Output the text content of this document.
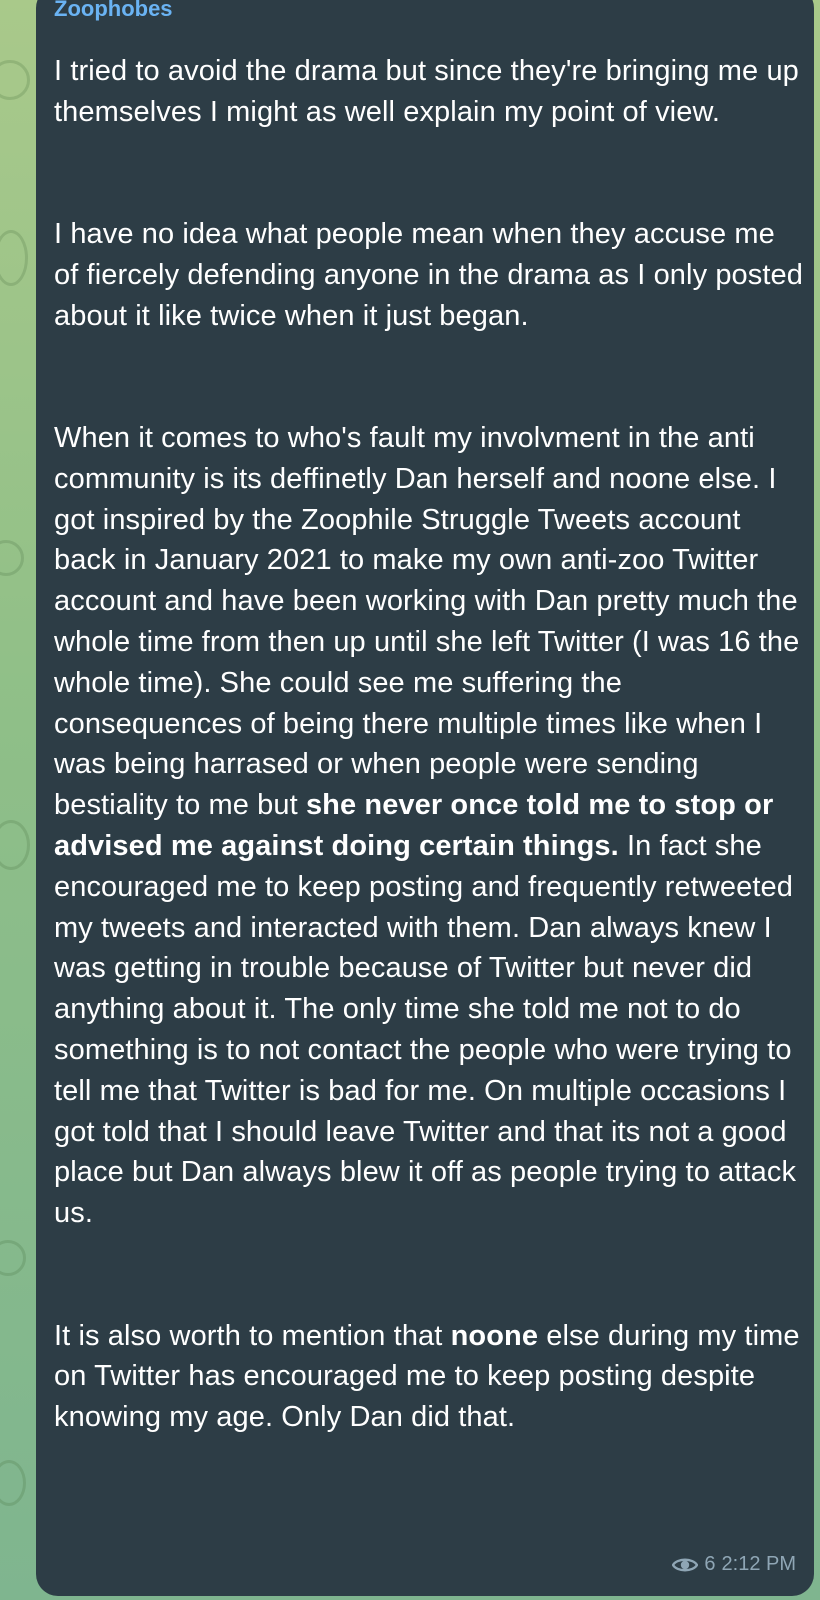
Zoophobes

I tried to avoid the drama but since they're bringing me up themselves I might as well explain my point of view.

I have no idea what people mean when they accuse me of fiercely defending anyone in the drama as I only posted about it like twice when it just began.

When it comes to who's fault my involvment in the anti community is its deffinetly Dan herself and noone else. I got inspired by the Zoophile Struggle Tweets account back in January 2021 to make my own anti-zoo Twitter account and have been working with Dan pretty much the whole time from then up until she left Twitter (I was 16 the whole time). She could see me suffering the consequences of being there multiple times like when I was being harrased or when people were sending bestiality to me but she never once told me to stop or advised me against doing certain things. In fact she encouraged me to keep posting and frequently retweeted my tweets and interacted with them. Dan always knew I was getting in trouble because of Twitter but never did anything about it. The only time she told me not to do something is to not contact the people who were trying to tell me that Twitter is bad for me. On multiple occasions I got told that I should leave Twitter and that its not a good place but Dan always blew it off as people trying to attack us.

It is also worth to mention that noone else during my time on Twitter has encouraged me to keep posting despite knowing my age. Only Dan did that.

6 2:12 PM
